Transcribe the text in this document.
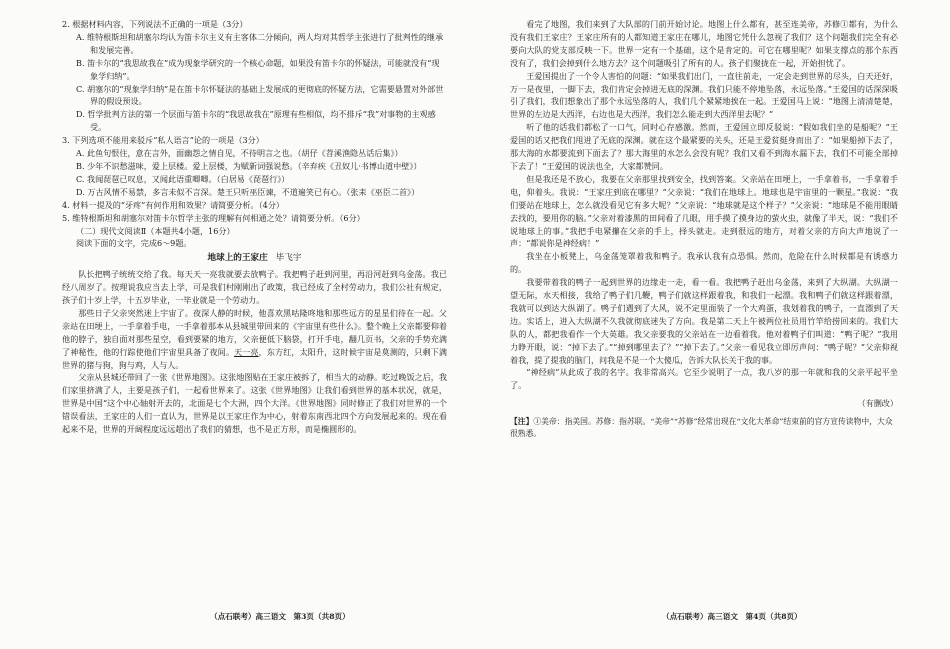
2. 根据材料内容，下列说法不正确的一项是（3分）

A. 维特根斯坦和胡塞尔均认为笛卡尔主义有主客体二分倾向，两人均对其哲学主张进行了批判性的继承和发展完善。

B. 笛卡尔的“我思故我在”成为现象学研究的一个核心命题，如果没有笛卡尔的怀疑法，可能就没有“现象学归纳”。

C. 胡塞尔的“现象学归纳”是在笛卡尔怀疑法的基础上发展成的更彻底的怀疑方法，它需要悬置对外部世界的假设预设。

D. 哲学批判方法的第一个层面与笛卡尔的“我思故我在”原理有些相似，均不排斥“我”对事物的主观感受。

3. 下列选项不能用来驳斥“私人语言”论的一项是（3分）

A. 此鱼句恨住，意在言外，面幽怨之情自见，不待明言之也。（胡仔《苕溪渔隐丛话后集》）

B. 少年不识愁滋味，爱上层楼。爱上层楼，为赋新词强说愁。（辛弃疾《丑奴儿·书博山道中壁》）

C. 我闻琵琶已叹息，又闻此语重唧唧。（白居易《琵琶行》）

D. 万古风情不易禁，多言未似不言深。楚王只听巫臣谏，不道遍笑已有心。（张耒《巫臣二首》）

4. 材料一提及的“牙疼”有何作用和效果？请简要分析。（4分）

5. 维特根斯坦和胡塞尔对笛卡尔哲学主张的理解有何相通之处？请简要分析。（6分）

（二）现代文阅读Ⅱ（本题共4小题，16分）

阅读下面的文字，完成6～9题。

地球上的王家庄 毕飞宇

队长把鸭子统统交给了我。每天天一亮我就要去放鸭子。我把鸭子赶到河里，再沿河赶到乌金荡。我已经八周岁了。按理说我应当去上学，可是我们村刚刚出了政策，我已经成了全村劳动力，我们公社有规定，孩子们十岁上学，十五岁毕业，一毕业就是一个劳动力。

那些日子父亲突然迷上宇宙了。夜深人静的时候，他喜欢黑咕隆咚地和那些远方的星星们待在一起。父亲站在田埂上，一手拿着手电，一手拿着那本从县城里带回来的《宇宙里有些什么》。整个晚上父亲都要仰着他的脖子，独自面对那些星空，看到要紧的地方，父亲便低下脑袋，打开手电，翻几页书，父亲的手势充满了神秘性，他的行踪使他们宇宙里具备了夜间。天一亮，东方红，太阳升，这时候宇宙是莫测的，只剩下满世界的猪与狗，狗与鸡，人与人。

父亲从县城还带回了一张《世界地图》。这张地图贴在王家庄被拆了，相当大的动静。吃过晚饭之后，我们家里挤满了人，主要是孩子们，一起看世界来了。这张《世界地图》让我们看到世界的基本状况，就是，世界是中国“这个中心轴射开去的，北面是七个大洲，四个大洋。《世界地图》同时修正了我们对世界的一个错误看法，王家庄的人们一直认为，世界是以王家庄作为中心，射着东南西北四个方向发展起来的。现在看起来不是，世界的开阔程度远远超出了我们的猜想，也不是正方形，而是椭圆形的。

看完了地图，我们来到了大队部的门前开始讨论。地图上什么都有，甚至连美帝，苏修①都有，为什么没有我们王家庄？王家庄所有的人都知道王家庄在哪儿，地图它凭什么忽视了我们？这个问题我们完全有必要向大队的党支部反映一下。世界一定有一个基础，这个是肯定的。可它在哪里呢？如果支撑点的那个东西没有了，我们会掉到什么地方去？这个问题吸引了所有的人。孩子们聚拢在一起，开始担忧了。

王爱国提出了一个令人害怕的问题：“如果我们出门，一直往前走，一定会走到世界的尽头，白天还好，万一是夜里，一脚下去，我们肯定会掉进无底的深渊。我们只能不停地坠落，永远坠落。”王爱国的话深深吸引了我们，我们想象出了那个永远坠落的人，我们几个紧紧地挨在一起。王爱国马上说：“地图上清清楚楚，世界的左边是大西洋，右边也是大西洋，我们怎么能走到大西洋里去呢？”

听了他的话我们都松了一口气，同时心存感激。然而，王爱国立即反驳说：“假如我们坐的是船呢？”王爱国的话又把我们甩进了无底的深渊。就在这个最紧要的关头，还是王爱贫挺身而出了：“如果船掉下去了，那大海的水都要流到下面去了？那大海里的水怎么会没有呢？我们又看不到海水漏下去，我们不可能全部掉下去了！”王爱国的说法也全，大家都赞同。

但是我还是不放心，我要在父亲那里找到安全，找到答案。父亲站在田埂上，一手拿着书，一手拿着手电，仰着头。我说：“王家庄到底在哪里？”父亲说：“我们在地球上。地球也是宇宙里的一颗星。”我说：“我们要站在地球上，怎么就没看见它有多大呢？”父亲说：“地球就是这个样子？”父亲说：“地球是不能用眼睛去找的，要用你的脑。”父亲对着漆黑的田间看了几眼，用手摸了摸身边的萤火虫，就像了半天，说：“我们不说地球上的事。”我把手电紧攥在父亲的手上，择头就走。走到很远的地方，对着父亲的方向大声地说了一声：“都说你是神经病！”

我坐在小板凳上，乌金荡笼罩着我和鸭子。我承认我有点恐惧。然而，危险在什么时候都是有诱惑力的。

我要带着我的鸭子一起到世界的边缘走一走，看一看。我把鸭子赶出乌金荡，来到了大纵湖。大纵湖一望无际，水天相接，我给了鸭子们几鞭，鸭子们就这样跟着我，和我们一起漂。我和鸭子们就这样跟着漂，我就可以到达大纵湖了。鸭子们遇到了大风，说不定里面装了一个大鸡蛋，我划着我的鸭子，一直漂到了天边。实话上，进入大纵湖不久我就彻底迷失了方向。我是第二天上午被两位社员用竹竿给捞回来的。我们大队的人，都把我看作一个大英雄。我父亲要我的父亲站在一边看着我。他对着鸭子们叫道：“鸭子呢？”我用力睁开眼，说：“掉下去了。”“掉到哪里去了？”“掉下去了。”父亲一看见我立即厉声问：“鸭子呢？”父亲仰视着我，提了提我的脑门，问我是不是一个大傻瓜，告诉大队长关于我的事。

“神经病”从此成了我的名字。我非常高兴。它至少说明了一点，我八岁的那一年就和我的父亲平起平坐了。

（有删改）

【注】①美帝：指美国。苏修：指苏联。“美帝”“苏修”经常出现在“文化大革命”结束前的官方宣传读物中，大众很熟悉。

（点石联考）高三语文　第3页（共8页）	（点石联考）高三语文　第4页（共8页）
